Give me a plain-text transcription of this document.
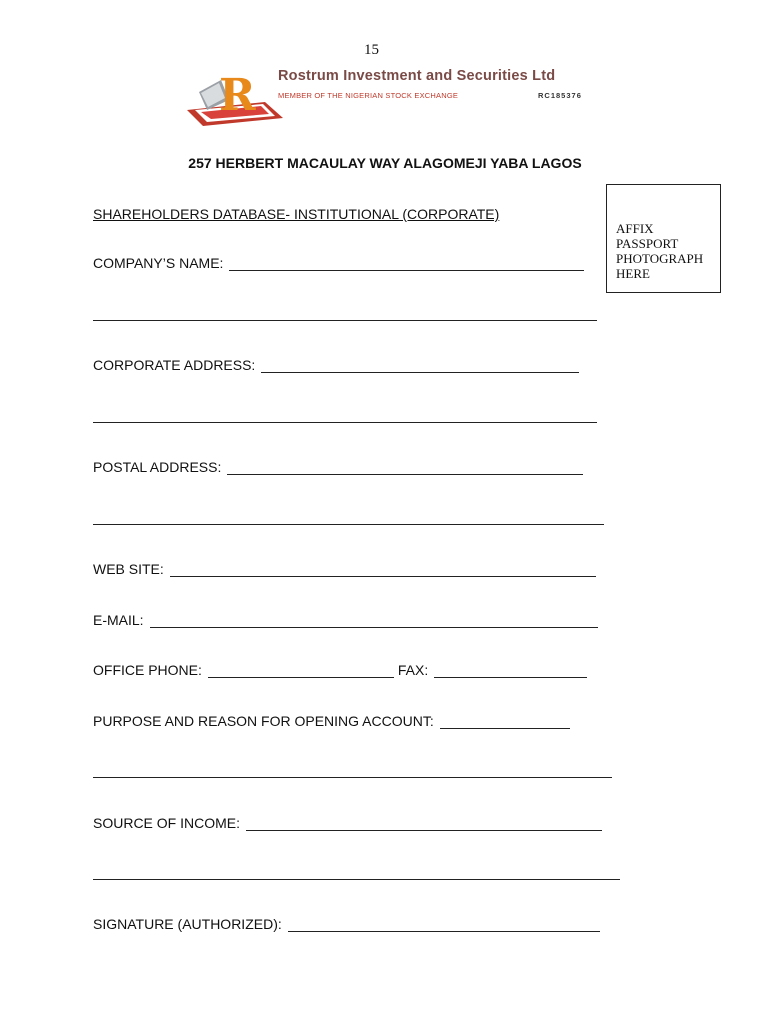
15
R Rostrum Investment and Securities Ltd
MEMBER OF THE NIGERIAN STOCK EXCHANGE	RC185376
257 HERBERT MACAULAY WAY ALAGOMEJI YABA LAGOS
SHAREHOLDERS DATABASE- INSTITUTIONAL (CORPORATE)
AFFIX
PASSPORT
PHOTOGRAPH
HERE
COMPANY’S NAME:
CORPORATE ADDRESS:
POSTAL ADDRESS:
WEB SITE:
E-MAIL:
OFFICE PHONE:	FAX:
PURPOSE AND REASON FOR OPENING ACCOUNT:
SOURCE OF INCOME:
SIGNATURE (AUTHORIZED):
